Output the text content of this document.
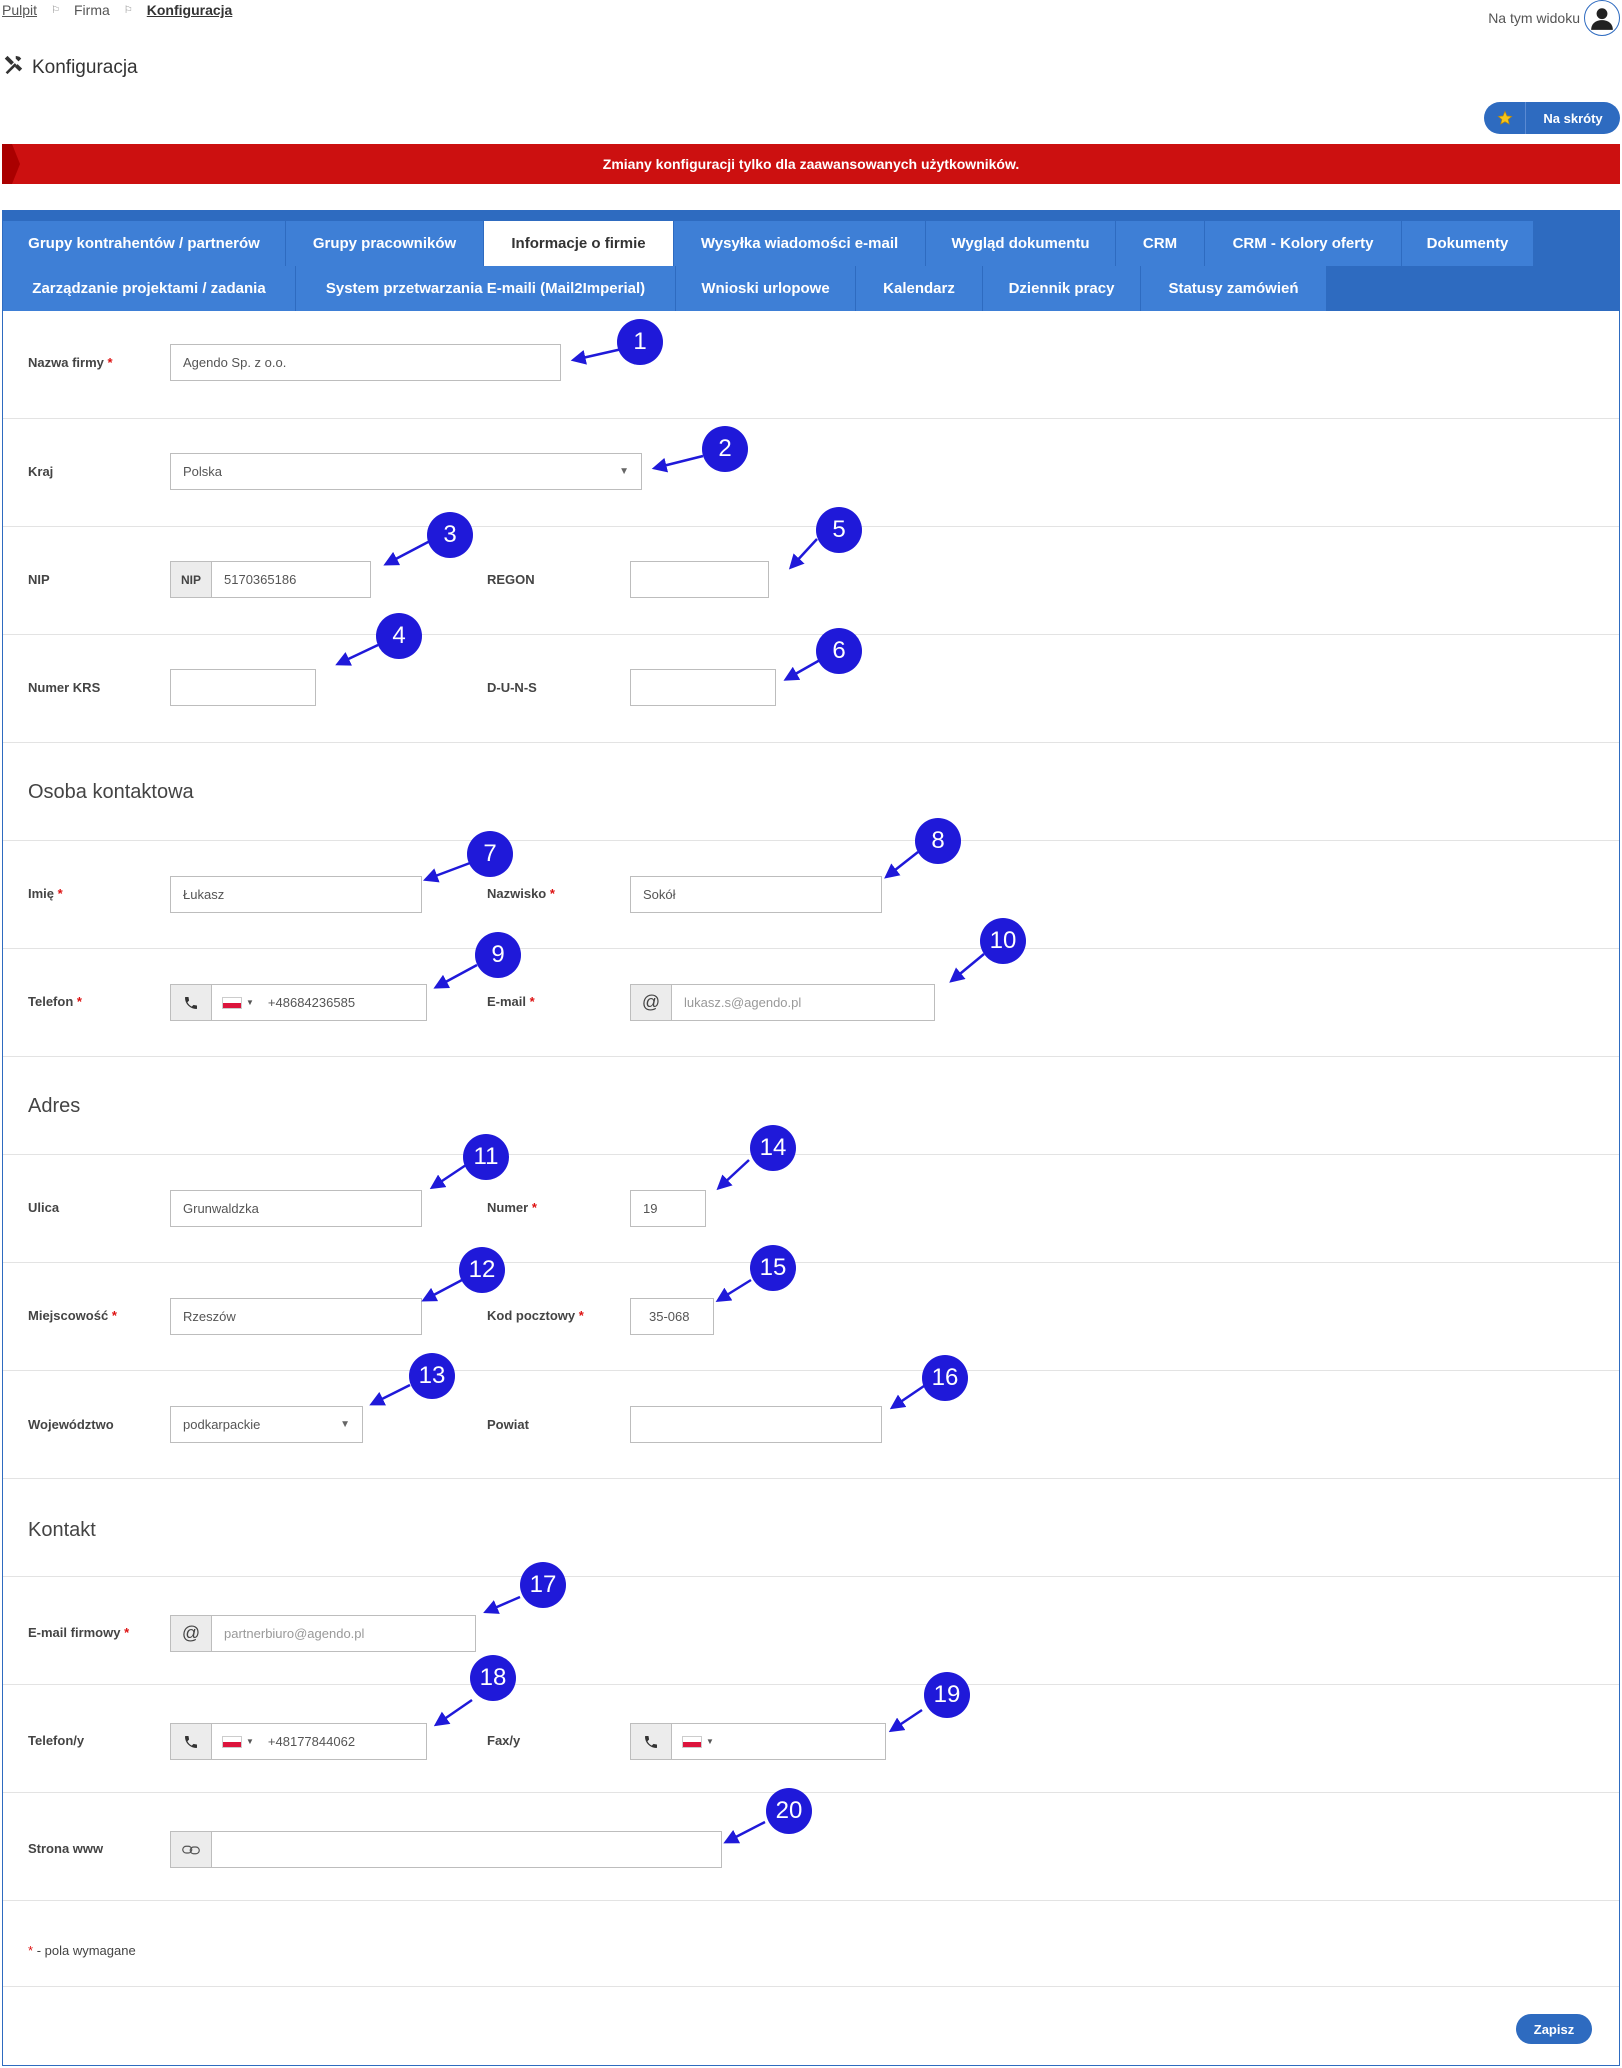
Pulpit ⚐ Firma ⚐ Konfiguracja	Na tym widoku
Konfiguracja
Na skróty
Zmiany konfiguracji tylko dla zaawansowanych użytkowników.
Grupy kontrahentów / partnerów	Grupy pracowników	Informacje o firmie	Wysyłka wiadomości e-mail	Wygląd dokumentu	CRM	CRM - Kolory oferty	Dokumenty
Zarządzanie projektami / zadania	System przetwarzania E-maili (Mail2Imperial)	Wnioski urlopowe	Kalendarz	Dziennik pracy	Statusy zamówień
Nazwa firmy *	Agendo Sp. z o.o.
Kraj	Polska	▼
NIP	NIP	5170365186	REGON
Numer KRS	D-U-N-S
Osoba kontaktowa
Imię *	Łukasz	Nazwisko *	Sokół
Telefon *	▼ +48684236585	E-mail *	@	lukasz.s@agendo.pl
Adres
Ulica	Grunwaldzka	Numer *	19
Miejscowość *	Rzeszów	Kod pocztowy *	35-068
Województwo	podkarpackie	▼	Powiat
Kontakt
E-mail firmowy *	@	partnerbiuro@agendo.pl
Telefon/y	▼ +48177844062	Fax/y	▼
Strona www
* - pola wymagane
Zapisz
1
2
3
4
5
6
7	8
9
10
11
12
13
14
15
16
17
18
19
20
